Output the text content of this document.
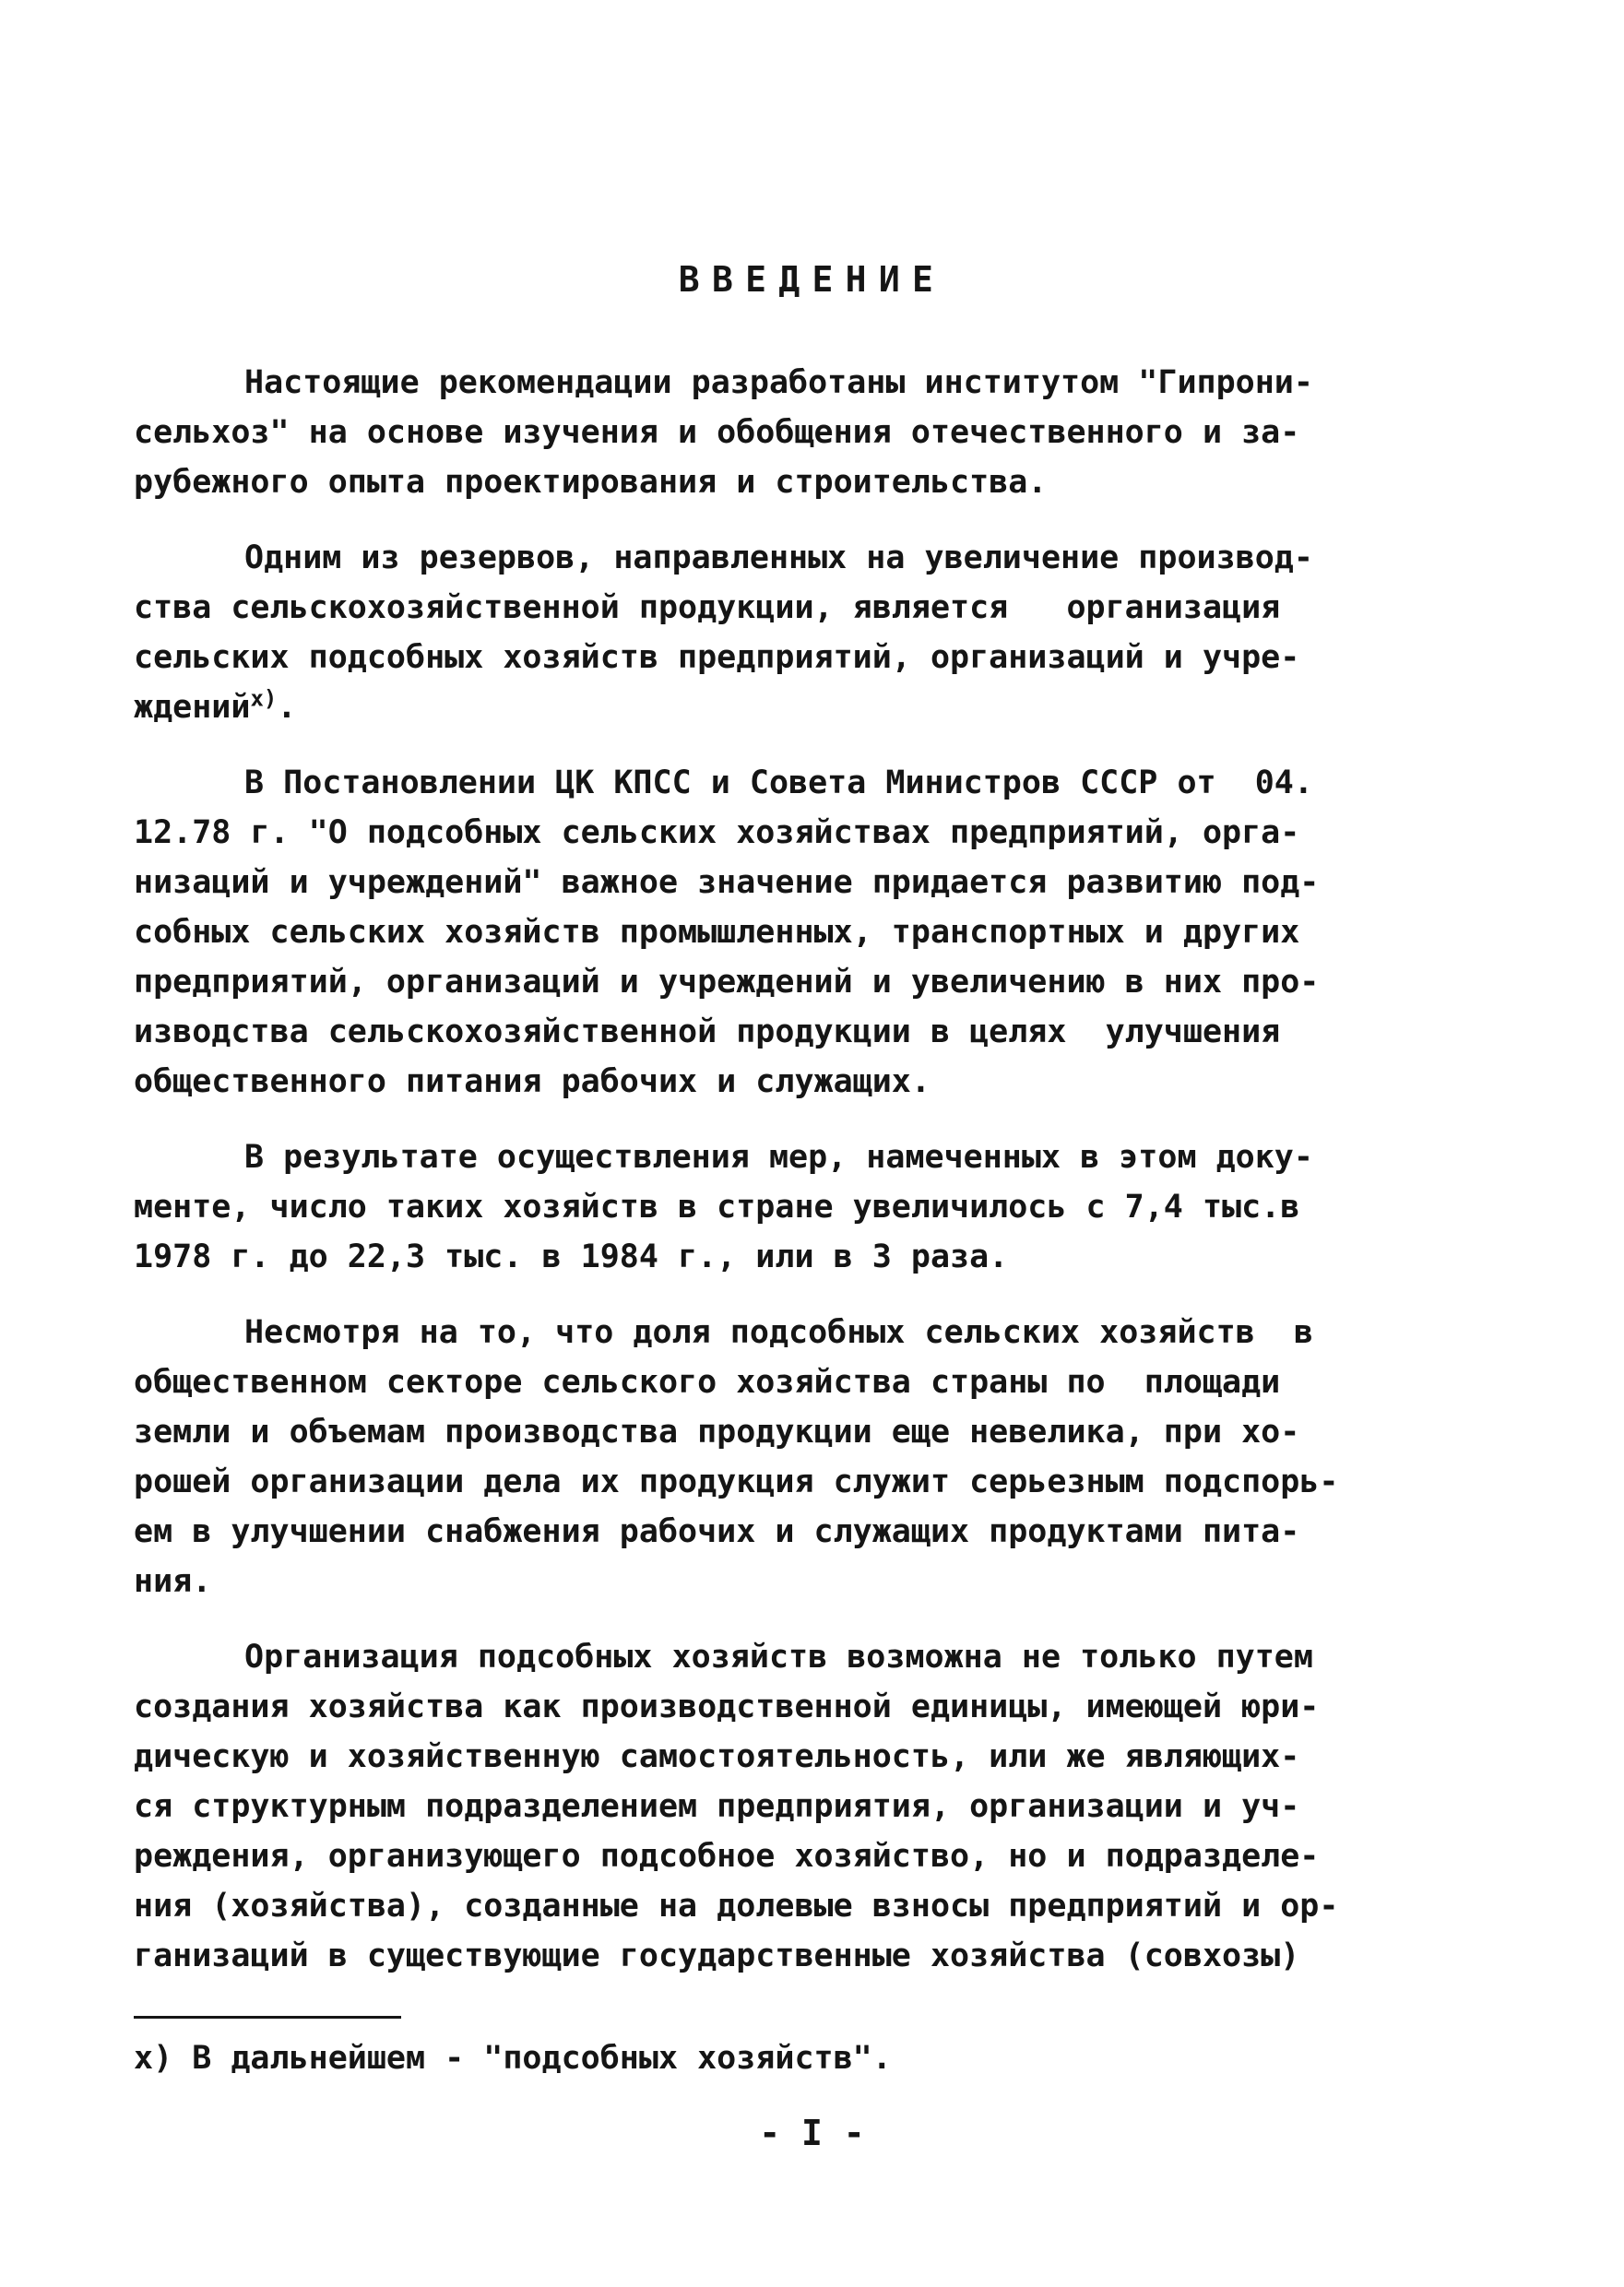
ВВЕДЕНИЕ

Настоящие рекомендации разработаны институтом "Гипрони-
сельхоз" на основе изучения и обобщения отечественного и за-
рубежного опыта проектирования и строительства.

Одним из резервов, направленных на увеличение производ-
ства сельскохозяйственной продукции, является   организация
сельских подсобных хозяйств предприятий, организаций и учре-
ждений$^{х)}$.

В Постановлении ЦК КПСС и Совета Министров СССР от  04.
12.78 г. "О подсобных сельских хозяйствах предприятий, орга-
низаций и учреждений" важное значение придается развитию под-
собных сельских хозяйств промышленных, транспортных и других
предприятий, организаций и учреждений и увеличению в них про-
изводства сельскохозяйственной продукции в целях  улучшения
общественного питания рабочих и служащих.

В результате осуществления мер, намеченных в этом доку-
менте, число таких хозяйств в стране увеличилось с 7,4 тыс.в
1978 г. до 22,3 тыс. в 1984 г., или в 3 раза.

Несмотря на то, что доля подсобных сельских хозяйств  в
общественном секторе сельского хозяйства страны по  площади
земли и объемам производства продукции еще невелика, при хо-
рошей организации дела их продукция служит серьезным подспорь-
ем в улучшении снабжения рабочих и служащих продуктами пита-
ния.

Организация подсобных хозяйств возможна не только путем
создания хозяйства как производственной единицы, имеющей юри-
дическую и хозяйственную самостоятельность, или же являющих-
ся структурным подразделением предприятия, организации и уч-
реждения, организующего подсобное хозяйство, но и подразделе-
ния (хозяйства), созданные на долевые взносы предприятий и ор-
ганизаций в существующие государственные хозяйства (совхозы)

х) В дальнейшем - "подсобных хозяйств".
- I -
